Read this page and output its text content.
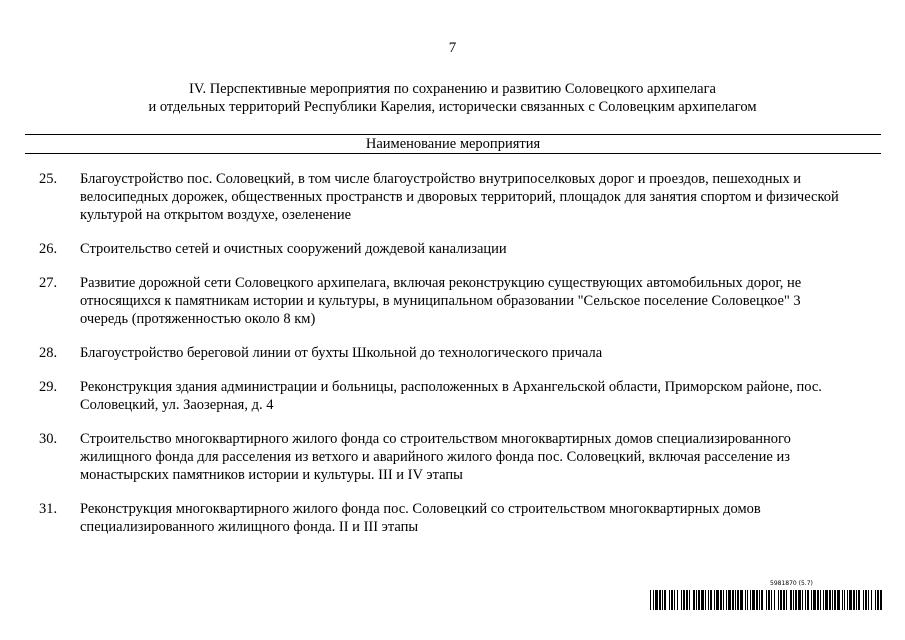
7
IV. Перспективные мероприятия по сохранению и развитию Соловецкого архипелага
и отдельных территорий Республики Карелия, исторически связанных с Соловецким архипелагом
Наименование мероприятия
25. Благоустройство пос. Соловецкий, в том числе благоустройство внутрипоселковых дорог и проездов, пешеходных и велосипедных дорожек, общественных пространств и дворовых территорий, площадок для занятия спортом и физической культурой на открытом воздухе, озеленение
26. Строительство сетей и очистных сооружений дождевой канализации
27. Развитие дорожной сети Соловецкого архипелага, включая реконструкцию существующих автомобильных дорог, не относящихся к памятникам истории и культуры, в муниципальном образовании "Сельское поселение Соловецкое" 3 очередь (протяженностью около 8 км)
28. Благоустройство береговой линии от бухты Школьной до технологического причала
29. Реконструкция здания администрации и больницы, расположенных в Архангельской области, Приморском районе, пос. Соловецкий, ул. Заозерная, д. 4
30. Строительство многоквартирного жилого фонда со строительством многоквартирных домов специализированного жилищного фонда для расселения из ветхого и аварийного жилого фонда пос. Соловецкий, включая расселение из монастырских памятников истории и культуры. III и IV этапы
31. Реконструкция многоквартирного жилого фонда пос. Соловецкий со строительством многоквартирных домов специализированного жилищного фонда. II и III этапы
5981870 (5.7)
